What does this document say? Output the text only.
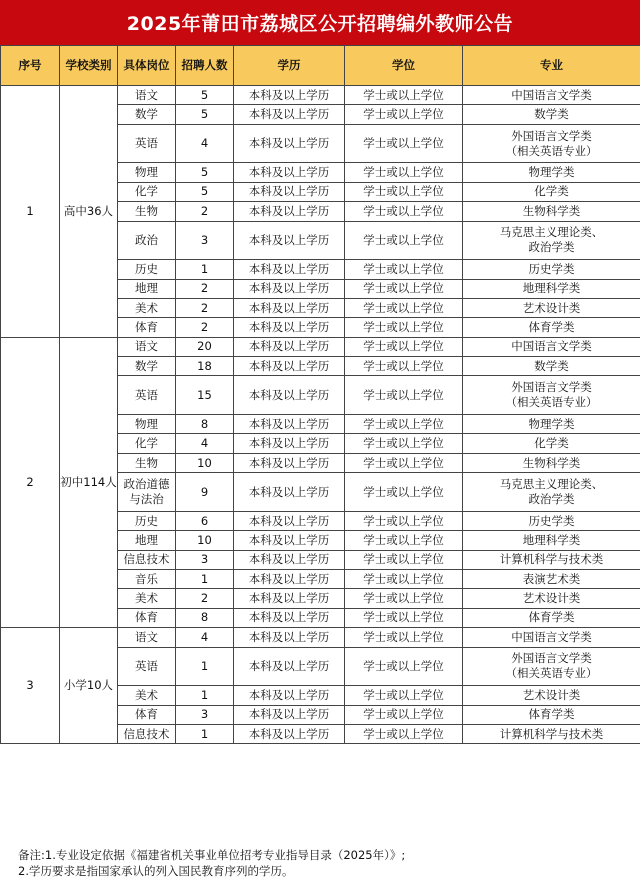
2025年莆田市荔城区公开招聘编外教师公告
序号	学校类别	具体岗位	招聘人数	学历	学位	专业
1	高中36人	语文	5	本科及以上学历	学士或以上学位	中国语言文学类
		数学	5	本科及以上学历	学士或以上学位	数学类
		英语	4	本科及以上学历	学士或以上学位	外国语言文学类
（相关英语专业）
		物理	5	本科及以上学历	学士或以上学位	物理学类
		化学	5	本科及以上学历	学士或以上学位	化学类
		生物	2	本科及以上学历	学士或以上学位	生物科学类
		政治	3	本科及以上学历	学士或以上学位	马克思主义理论类、
政治学类
		历史	1	本科及以上学历	学士或以上学位	历史学类
		地理	2	本科及以上学历	学士或以上学位	地理科学类
		美术	2	本科及以上学历	学士或以上学位	艺术设计类
		体育	2	本科及以上学历	学士或以上学位	体育学类
2	初中114人	语文	20	本科及以上学历	学士或以上学位	中国语言文学类
		数学	18	本科及以上学历	学士或以上学位	数学类
		英语	15	本科及以上学历	学士或以上学位	外国语言文学类
（相关英语专业）
		物理	8	本科及以上学历	学士或以上学位	物理学类
		化学	4	本科及以上学历	学士或以上学位	化学类
		生物	10	本科及以上学历	学士或以上学位	生物科学类
		政治道德
与法治	9	本科及以上学历	学士或以上学位	马克思主义理论类、
政治学类
		历史	6	本科及以上学历	学士或以上学位	历史学类
		地理	10	本科及以上学历	学士或以上学位	地理科学类
		信息技术	3	本科及以上学历	学士或以上学位	计算机科学与技术类
		音乐	1	本科及以上学历	学士或以上学位	表演艺术类
		美术	2	本科及以上学历	学士或以上学位	艺术设计类
		体育	8	本科及以上学历	学士或以上学位	体育学类
3	小学10人	语文	4	本科及以上学历	学士或以上学位	中国语言文学类
		英语	1	本科及以上学历	学士或以上学位	外国语言文学类
（相关英语专业）
		美术	1	本科及以上学历	学士或以上学位	艺术设计类
		体育	3	本科及以上学历	学士或以上学位	体育学类
		信息技术	1	本科及以上学历	学士或以上学位	计算机科学与技术类
备注:1.专业设定依据《福建省机关事业单位招考专业指导目录（2025年）》;
2.学历要求是指国家承认的列入国民教育序列的学历。
